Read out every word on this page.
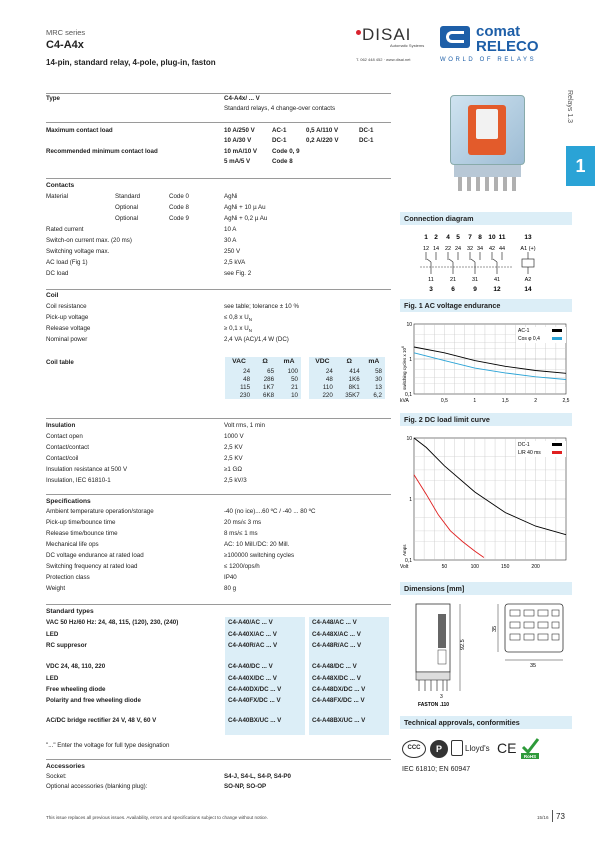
MRC series
C4-A4x
14-pin, standard relay, 4-pole, plug-in, faston
DISAI
Automatic Systems
T. 062 448 452 · www.disai.net
comat
RELECO
WORLD OF RELAYS
Relays 1.3
1
Type	C4-A4x/ ... V
Standard relays, 4 change-over contacts
Maximum contact load	10 A/250 V	AC-1	0,5 A/110 V	DC-1
10 A/30 V	DC-1	0,2 A/220 V	DC-1
Recommended minimum contact load	10 mA/10 V Code 0, 9
5 mA/5 V	Code 8
Contacts
Material	Standard	Code 0	AgNi
Optional	Code 8	AgNi + 10 µ Au
Optional	Code 9	AgNi + 0,2 µ Au
Rated current	10 A
Switch-on current max. (20 ms)	30 A
Switching voltage max.	250 V
AC load (Fig 1)	2,5 kVA
DC load	see Fig. 2
Coil
Coil resistance	see table; tolerance ± 10 %
Pick-up voltage	≤ 0,8 x $U_N$
Release voltage	≥ 0,1 x $U_N$
Nominal power	2,4 VA (AC)/1,4 W (DC)
Coil table	VAC	Ω	mA
24	65	100
48	286	50
115	1K7	21
230	6K8	10
VDC	Ω	mA
24	414	58
48	1K6	30
110	8K1	13
220	35K7	6,2
Insulation	Volt rms, 1 min
Contact open	1000 V
Contact/contact	2,5 KV
Contact/coil	2,5 KV
Insulation resistance at 500 V	≥1 GΩ
Insulation, IEC 61810-1	2,5 kV/3
Specifications
Ambient temperature operation/storage	-40 (no ice)....60 ºC / -40 ... 80 ºC
Pick-up time/bounce time	20 ms/≤ 3 ms
Release time/bounce time	8 ms/≤ 1 ms
Mechanical life ops	AC: 10 Mill./DC: 20 Mill.
DC voltage endurance at rated load	≥100000 switching cycles
Switching frequency at rated load	≤ 1200/ops/h
Protection class	IP40
Weight	80 g
Standard types
VAC 50 Hz/60 Hz: 24, 48, 115, (120), 230, (240)	C4-A40/AC ... V	C4-A48/AC ... V
LED	C4-A40X/AC ... V	C4-A48X/AC ... V
RC suppresor	C4-A40R/AC ... V	C4-A48R/AC ... V
VDC 24, 48, 110, 220	C4-A40/DC ... V	C4-A48/DC ... V
LED	C4-A40X/DC ... V	C4-A48X/DC ... V
Free wheeling diode	C4-A40DX/DC ... V	C4-A48DX/DC ... V
Polarity and free wheeling diode	C4-A40FX/DC ... V	C4-A48FX/DC ... V
AC/DC bridge rectifier 24 V, 48 V, 60 V	C4-A40BX/UC ... V	C4-A48BX/UC ... V
"..." Enter the voltage for full type designation
Accessories
Socket:	S4-J, S4-L, S4-P, S4-P0
Optional accessories (blanking plug):	SO-NP, SO-OP
This issue replaces all previous issues. Availability, errors and specifications subject to change without notice.	15/16 73
Connection diagram
1 2 4 5 7 8 10 11	13
12 14 22 24 32 34 42 44	A1 (+)
11	21	31	41	A2
3	6	9	12	14
Fig. 1 AC voltage endurance
10
1
0,1
0,5	1	1,5	2	2,5
kVA
switching cycles x $10^6$
AC-1
Cos φ 0,4
Fig. 2 DC load limit curve
10
1
0,1
50	100	150	200
Volt
Amps
DC-1
L/R 40 ms
Dimensions [mm]
92.5
3
FASTON .110
35
35
Technical approvals, conformities
CCC	P	Lloyd's CE
RoHS
IEC 61810; EN 60947
